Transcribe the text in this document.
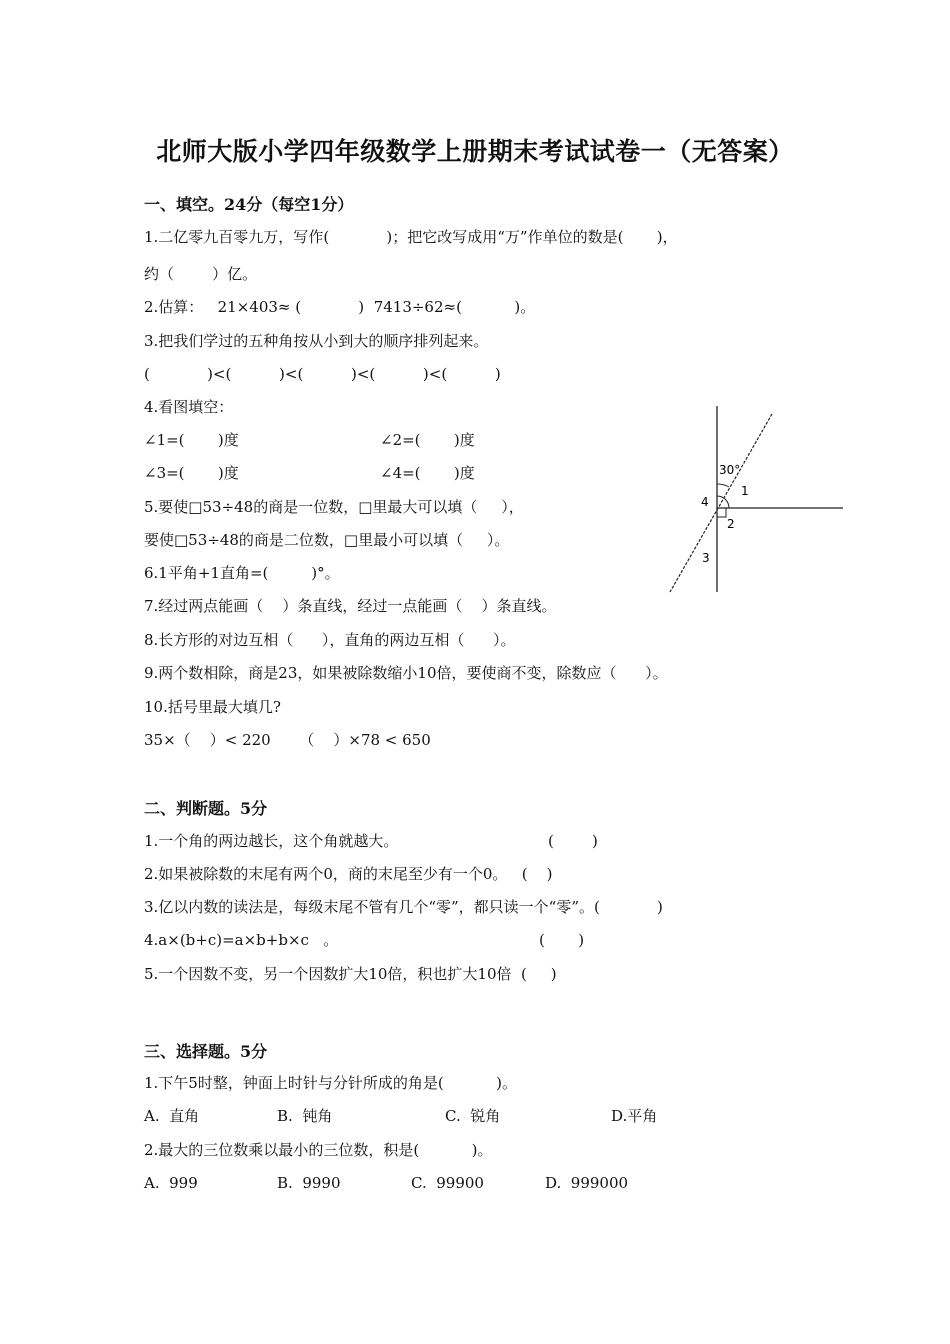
北师大版小学四年级数学上册期末考试试卷一（无答案）
一、填空。24分（每空1分）
1.二亿零九百零九万，写作(            )；把它改写成用“万”作单位的数是(       )，
约（        ）亿。
2.估算：   21×403≈ (            )  7413÷62≈(           )。
3.把我们学过的五种角按从小到大的顺序排列起来。
(            )<(          )<(          )<(          )<(          )
4.看图填空：
∠1=(       )度	∠2=(       )度
∠3=(       )度	∠4=(       )度
5.要使□53÷48的商是一位数，□里最大可以填（     ），
要使□53÷48的商是二位数，□里最小可以填（     ）。
6.1平角+1直角=(         )°。
7.经过两点能画（    ）条直线，经过一点能画（    ）条直线。
8.长方形的对边互相（      ），直角的两边互相（      ）。
9.两个数相除，商是23，如果被除数缩小10倍，要使商不变，除数应（      ）。
10.括号里最大填几?
35×（    ）< 220      （    ）×78 < 650
30°
1
2
3
4
二、判断题。5分
1.一个角的两边越长，这个角就越大。	(        )
2.如果被除数的末尾有两个0，商的末尾至少有一个0。   (    )
3.亿以内数的读法是，每级末尾不管有几个“零”，都只读一个“零”。(            )
4.a×(b+c)=a×b+b×c   。	(       )
5.一个因数不变，另一个因数扩大10倍，积也扩大10倍  (     )
三、选择题。5分
1.下午5时整，钟面上时针与分针所成的角是(           )。
A.  直角	B.  钝角	C.  锐角	D.平角
2.最大的三位数乘以最小的三位数，积是(           )。
A.  999	B.  9990	C.  99900	D.  999000
